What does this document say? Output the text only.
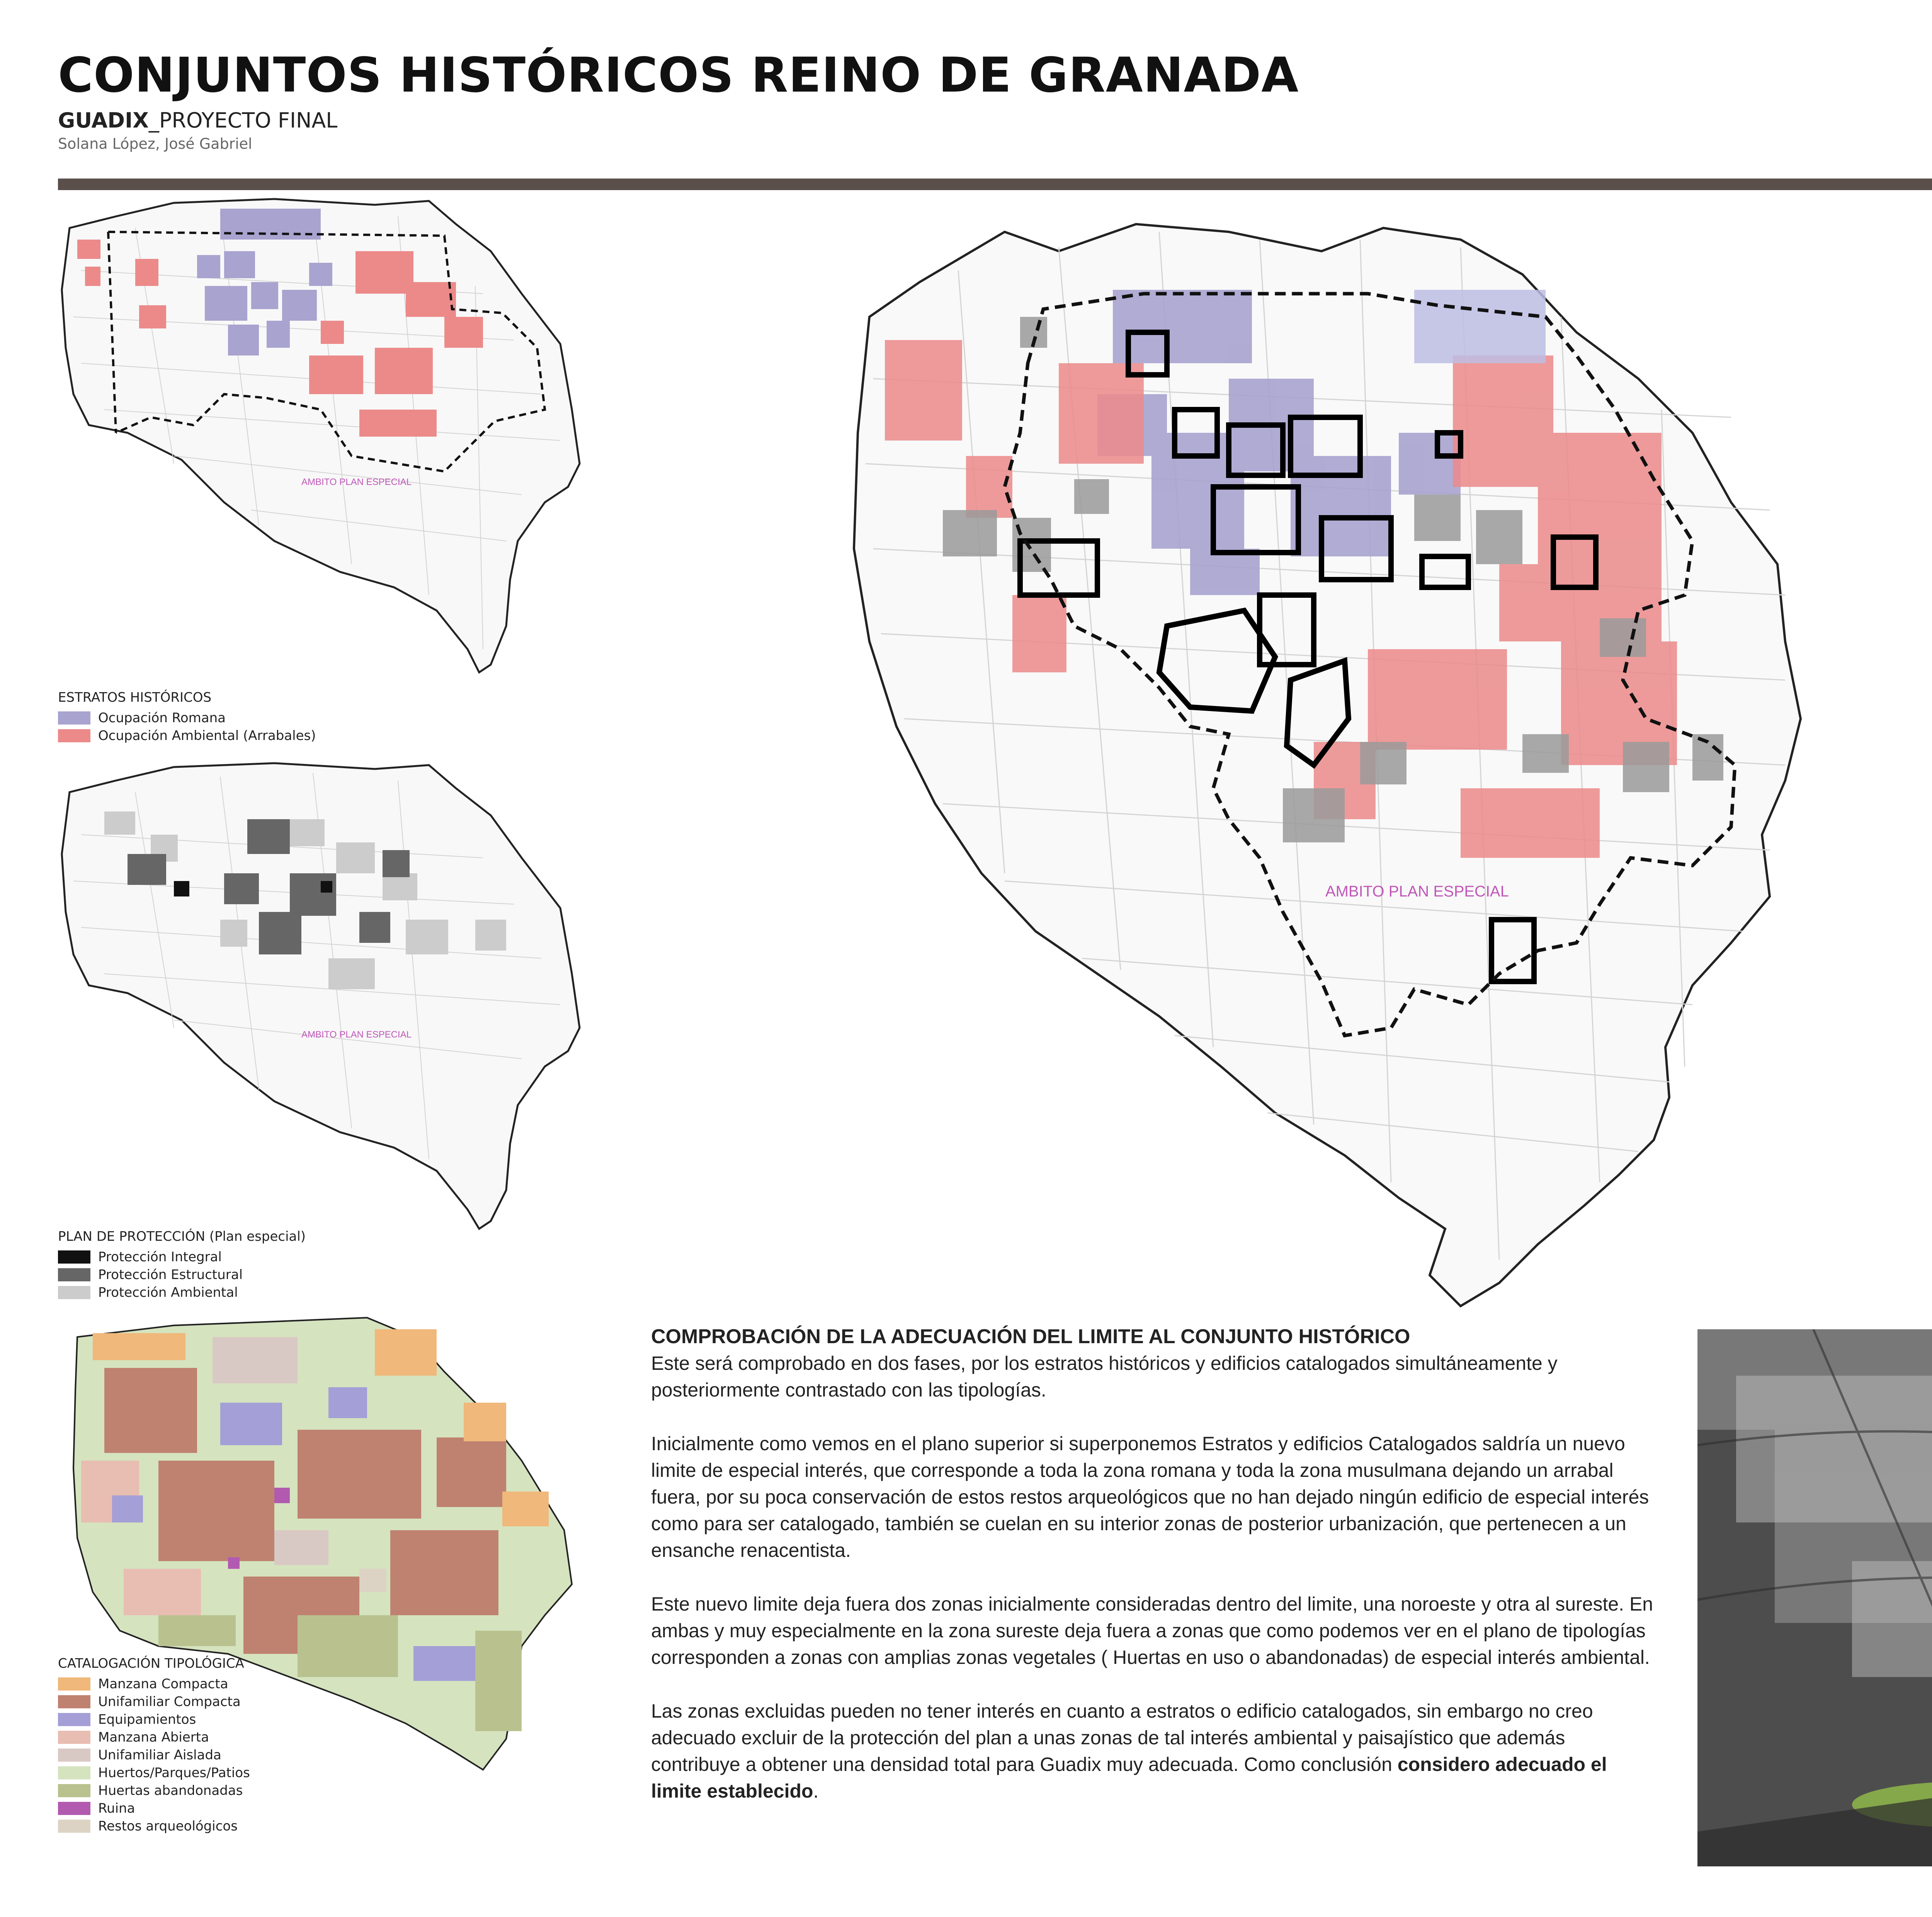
CONJUNTOS HISTÓRICOS REINO DE GRANADA
GUADIX_PROYECTO FINAL
Solana López, José Gabriel
AMBITO PLAN ESPECIAL
ESTRATOS HISTÓRICOS
Ocupación Romana
Ocupación Ambiental (Arrabales)
AMBITO PLAN ESPECIAL
PLAN DE PROTECCIÓN (Plan especial)
Protección Integral
Protección Estructural
Protección Ambiental
CATALOGACIÓN TIPOLÓGICA
Manzana Compacta
Unifamiliar Compacta
Equipamientos
Manzana Abierta
Unifamiliar Aislada
Huertos/Parques/Patios
Huertas abandonadas
Ruina
Restos arqueológicos
AMBITO PLAN ESPECIAL

COMPROBACIÓN DE LA ADECUACIÓN DEL LIMITE AL CONJUNTO HISTÓRICO
Este será comprobado en dos fases, por los estratos históricos y edificios catalogados simultáneamente y posteriormente contrastado con las tipologías.

Inicialmente como vemos en el plano superior si superponemos Estratos y edificios Catalogados saldría un nuevo limite de especial interés, que corresponde a toda la zona romana y toda la zona musulmana dejando un arrabal fuera, por su poca conservación de estos restos arqueológicos que no han dejado ningún edificio de especial interés como para ser catalogado, también se cuelan en su interior zonas de posterior urbanización, que pertenecen a un ensanche renacentista.

Este nuevo limite deja fuera dos zonas inicialmente consideradas dentro del limite, una noroeste y otra al sureste. En ambas y muy especialmente en la zona sureste deja fuera a zonas que como podemos ver en el plano de tipologías corresponden a zonas con amplias zonas vegetales ( Huertas en uso o abandonadas) de especial interés ambiental.

Las zonas excluidas pueden no tener interés en cuanto a estratos o edificio catalogados, sin embargo no creo adecuado excluir de la protección del plan a unas zonas de tal interés ambiental y paisajístico que además contribuye a obtener una densidad total para Guadix muy adecuada. Como conclusión considero adecuado el limite establecido.
